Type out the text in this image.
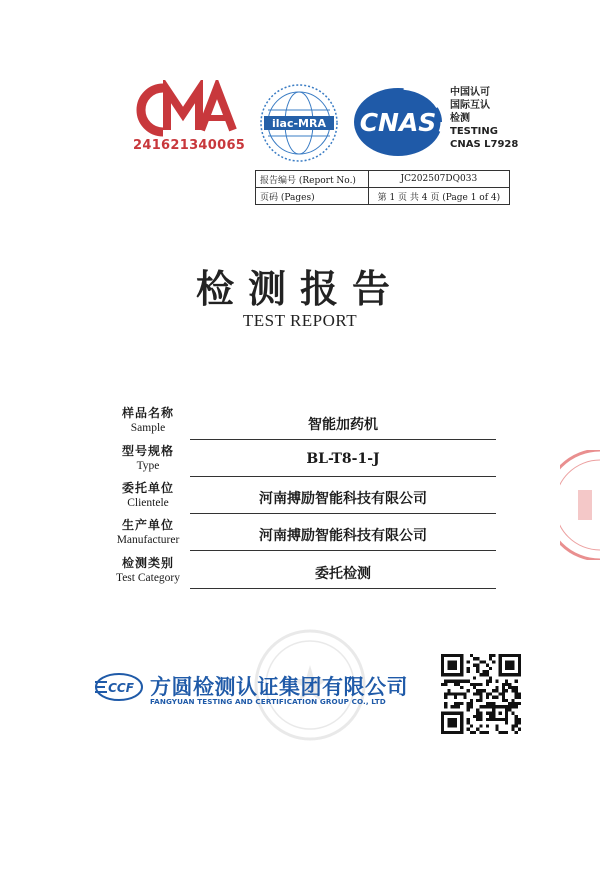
241621340065
ilac-MRA CNAS
中国认可
国际互认
检测
TESTING
CNAS L7928
报告编号 (Report No.)	JC202507DQ033
页码 (Pages)	第 1 页 共 4 页 (Page 1 of 4)
检测报告
TEST REPORT
样品名称
Sample	智能加药机
型号规格
Type	BL-T8-1-J
委托单位
Clientele	河南搏励智能科技有限公司
生产单位
Manufacturer	河南搏励智能科技有限公司
检测类别
Test Category	委托检测
CCF 方圆检测认证集团有限公司
FANGYUAN TESTING AND CERTIFICATION GROUP CO., LTD
